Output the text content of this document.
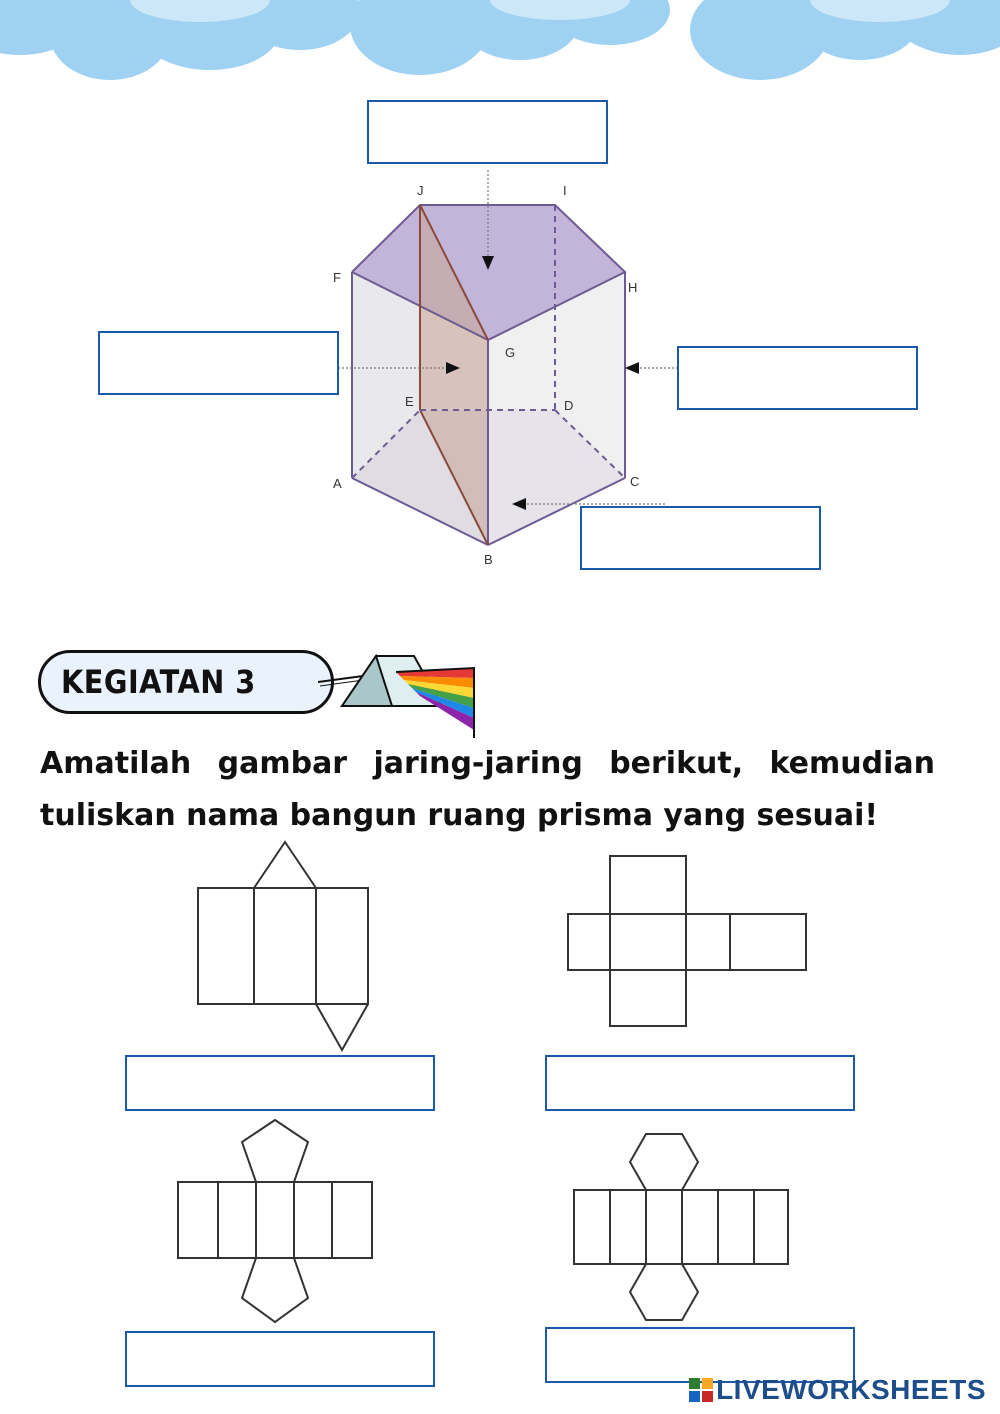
J	I
F
H
G
E	D
A	C
B
KEGIATAN 3
Amatilah gambar jaring-jaring berikut, kemudian tuliskan nama bangun ruang prisma yang sesuai!
LIVEWORKSHEETS
